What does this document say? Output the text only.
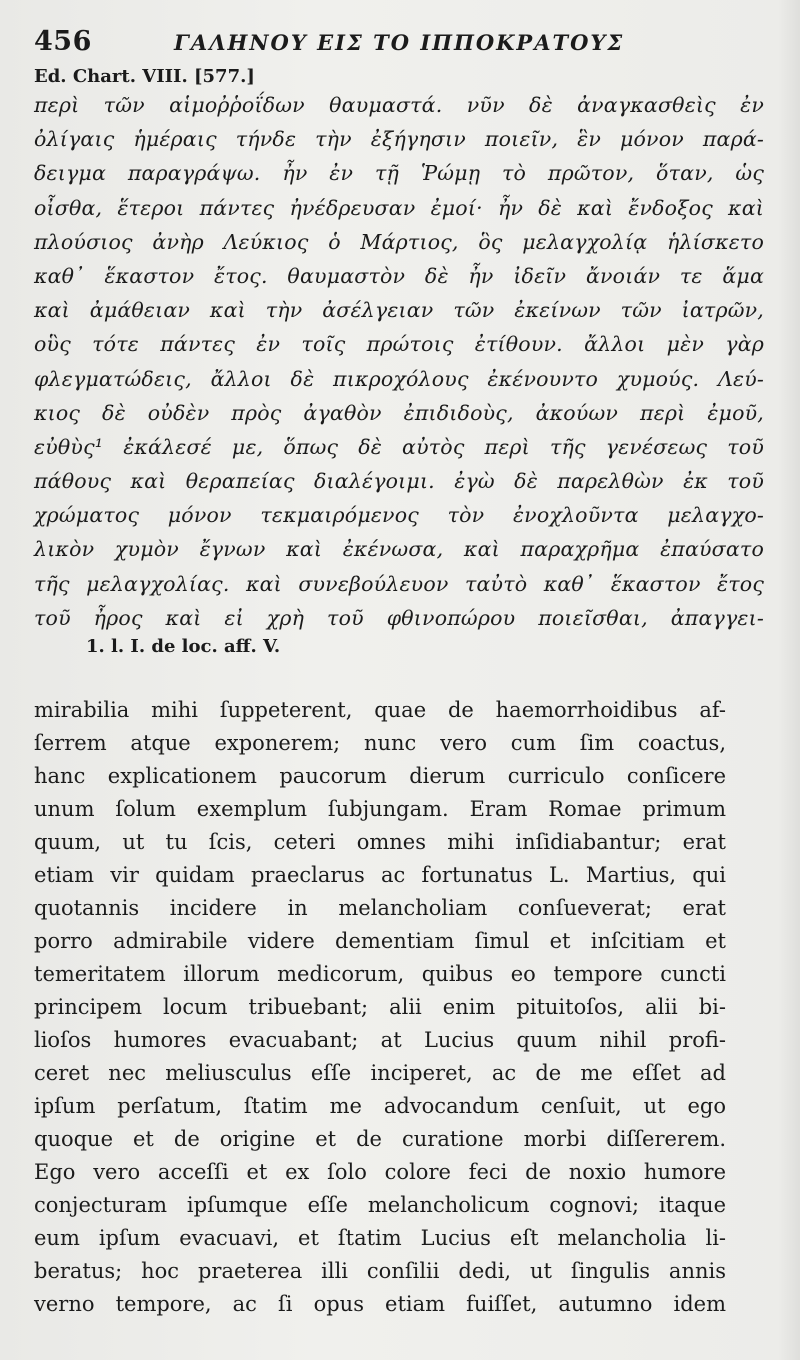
456	ΓΑΛΗΝΟΥ ΕΙΣ ΤΟ ΙΠΠΟΚΡΑΤΟΥΣ
Ed. Chart. VIII. [577.]
περὶ τῶν αἱμοῤῥοΐδων θαυμαστά. νῦν δὲ ἀναγκασθεὶς ἐν
ὀλίγαις ἡμέραις τήνδε τὴν ἐξήγησιν ποιεῖν, ἓν μόνον παρά-
δειγμα παραγράψω. ἦν ἐν τῇ Ῥώμῃ τὸ πρῶτον, ὅταν, ὡς
οἶσθα, ἕτεροι πάντες ἠνέδρευσαν ἐμοί· ἦν δὲ καὶ ἔνδοξος καὶ
πλούσιος ἀνὴρ Λεύκιος ὁ Μάρτιος, ὃς μελαγχολίᾳ ἡλίσκετο
καθ᾽ ἕκαστον ἔτος. θαυμαστὸν δὲ ἦν ἰδεῖν ἄνοιάν τε ἅμα
καὶ ἀμάθειαν καὶ τὴν ἀσέλγειαν τῶν ἐκείνων τῶν ἰατρῶν,
οὓς τότε πάντες ἐν τοῖς πρώτοις ἐτίθουν. ἄλλοι μὲν γὰρ
φλεγματώδεις, ἄλλοι δὲ πικροχόλους ἐκένουντο χυμούς. Λεύ-
κιος δὲ οὐδὲν πρὸς ἀγαθὸν ἐπιδιδοὺς, ἀκούων περὶ ἐμοῦ,
εὐθὺς¹ ἐκάλεσέ με, ὅπως δὲ αὐτὸς περὶ τῆς γενέσεως τοῦ
πάθους καὶ θεραπείας διαλέγοιμι. ἐγὼ δὲ παρελθὼν ἐκ τοῦ
χρώματος μόνον τεκμαιρόμενος τὸν ἐνοχλοῦντα μελαγχο-
λικὸν χυμὸν ἔγνων καὶ ἐκένωσα, καὶ παραχρῆμα ἐπαύσατο
τῆς μελαγχολίας. καὶ συνεβούλευον ταὐτὸ καθ᾽ ἕκαστον ἔτος
τοῦ ἦρος καὶ εἰ χρὴ τοῦ φθινοπώρου ποιεῖσθαι, ἀπαγγει-
1. l. I. de loc. aff. V.
mirabilia mihi ſuppeterent, quae de haemorrhoidibus af-
ſerrem atque exponerem; nunc vero cum ſim coactus,
hanc explicationem paucorum dierum curriculo conſicere
unum ſolum exemplum ſubjungam. Eram Romae primum
quum, ut tu ſcis, ceteri omnes mihi inſidiabantur; erat
etiam vir quidam praeclarus ac fortunatus L. Martius, qui
quotannis incidere in melancholiam conſueverat; erat
porro admirabile videre dementiam ſimul et inſcitiam et
temeritatem illorum medicorum, quibus eo tempore cuncti
principem locum tribuebant; alii enim pituitoſos, alii bi-
lioſos humores evacuabant; at Lucius quum nihil profi-
ceret nec meliusculus eſſe inciperet, ac de me eſſet ad
ipſum perſatum, ſtatim me advocandum cenſuit, ut ego
quoque et de origine et de curatione morbi diſſererem.
Ego vero acceſſi et ex ſolo colore feci de noxio humore
conjecturam ipſumque eſſe melancholicum cognovi; itaque
eum ipſum evacuavi, et ſtatim Lucius eſt melancholia li-
beratus; hoc praeterea illi conſilii dedi, ut ſingulis annis
verno tempore, ac ſi opus etiam fuiſſet, autumno idem
